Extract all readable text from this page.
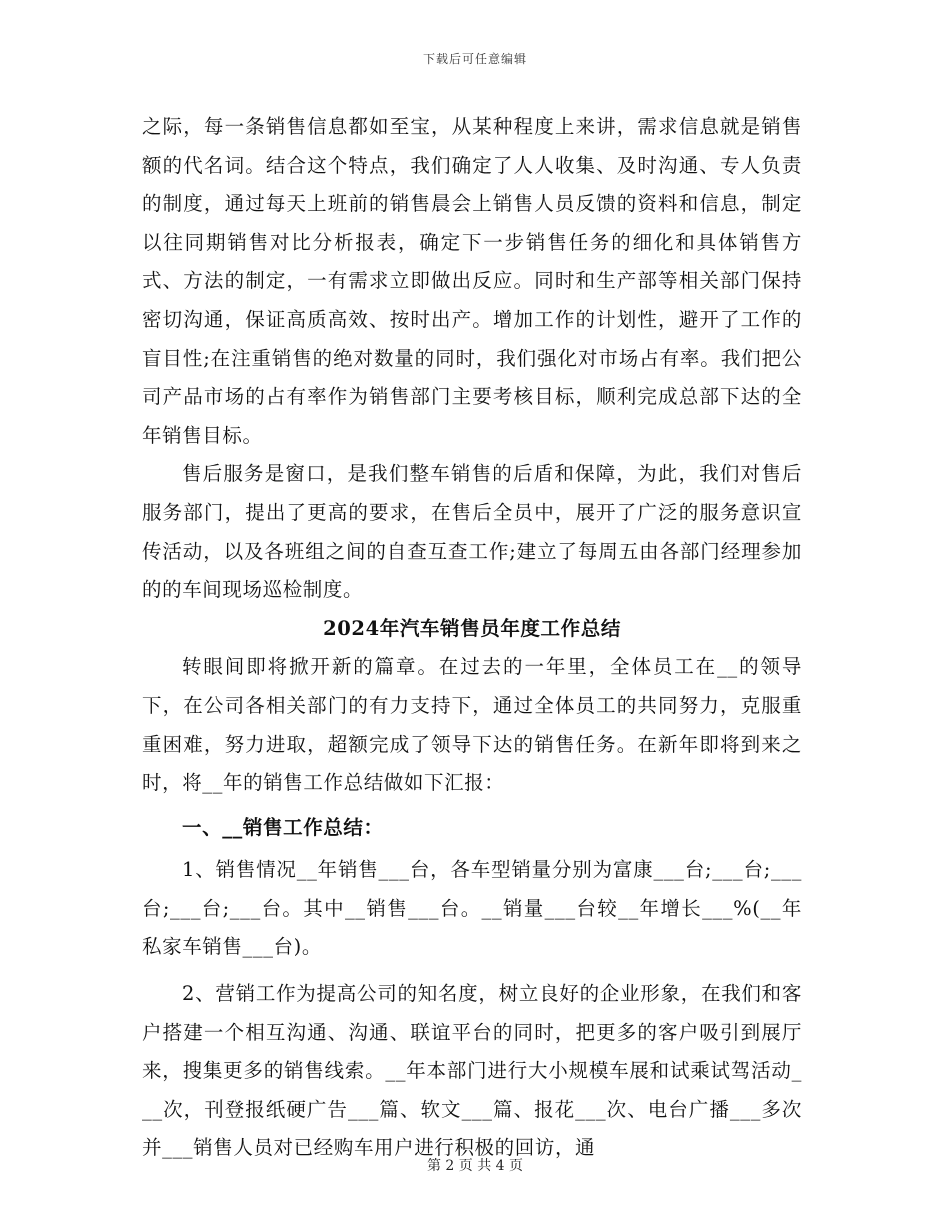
下载后可任意编辑

之际，每一条销售信息都如至宝，从某种程度上来讲，需求信息就是销售额的代名词。结合这个特点，我们确定了人人收集、及时沟通、专人负责的制度，通过每天上班前的销售晨会上销售人员反馈的资料和信息，制定以往同期销售对比分析报表，确定下一步销售任务的细化和具体销售方式、方法的制定，一有需求立即做出反应。同时和生产部等相关部门保持密切沟通，保证高质高效、按时出产。增加工作的计划性，避开了工作的盲目性;在注重销售的绝对数量的同时，我们强化对市场占有率。我们把公司产品市场的占有率作为销售部门主要考核目标，顺利完成总部下达的全年销售目标。

售后服务是窗口，是我们整车销售的后盾和保障，为此，我们对售后服务部门，提出了更高的要求，在售后全员中，展开了广泛的服务意识宣传活动，以及各班组之间的自查互查工作;建立了每周五由各部门经理参加的的车间现场巡检制度。

2024年汽车销售员年度工作总结

转眼间即将掀开新的篇章。在过去的一年里，全体员工在__的领导下，在公司各相关部门的有力支持下，通过全体员工的共同努力，克服重重困难，努力进取，超额完成了领导下达的销售任务。在新年即将到来之时，将__年的销售工作总结做如下汇报：

一、__销售工作总结：

1、销售情况__年销售___台，各车型销量分别为富康___台;___台;___台;___台;___台。其中__销售___台。__销量___台较__年增长___%(__年私家车销售___台)。

2、营销工作为提高公司的知名度，树立良好的企业形象，在我们和客户搭建一个相互沟通、沟通、联谊平台的同时，把更多的客户吸引到展厅来，搜集更多的销售线索。__年本部门进行大小规模车展和试乘试驾活动___次，刊登报纸硬广告___篇、软文___篇、报花___次、电台广播___多次并___销售人员对已经购车用户进行积极的回访，通

第 2 页 共 4 页
